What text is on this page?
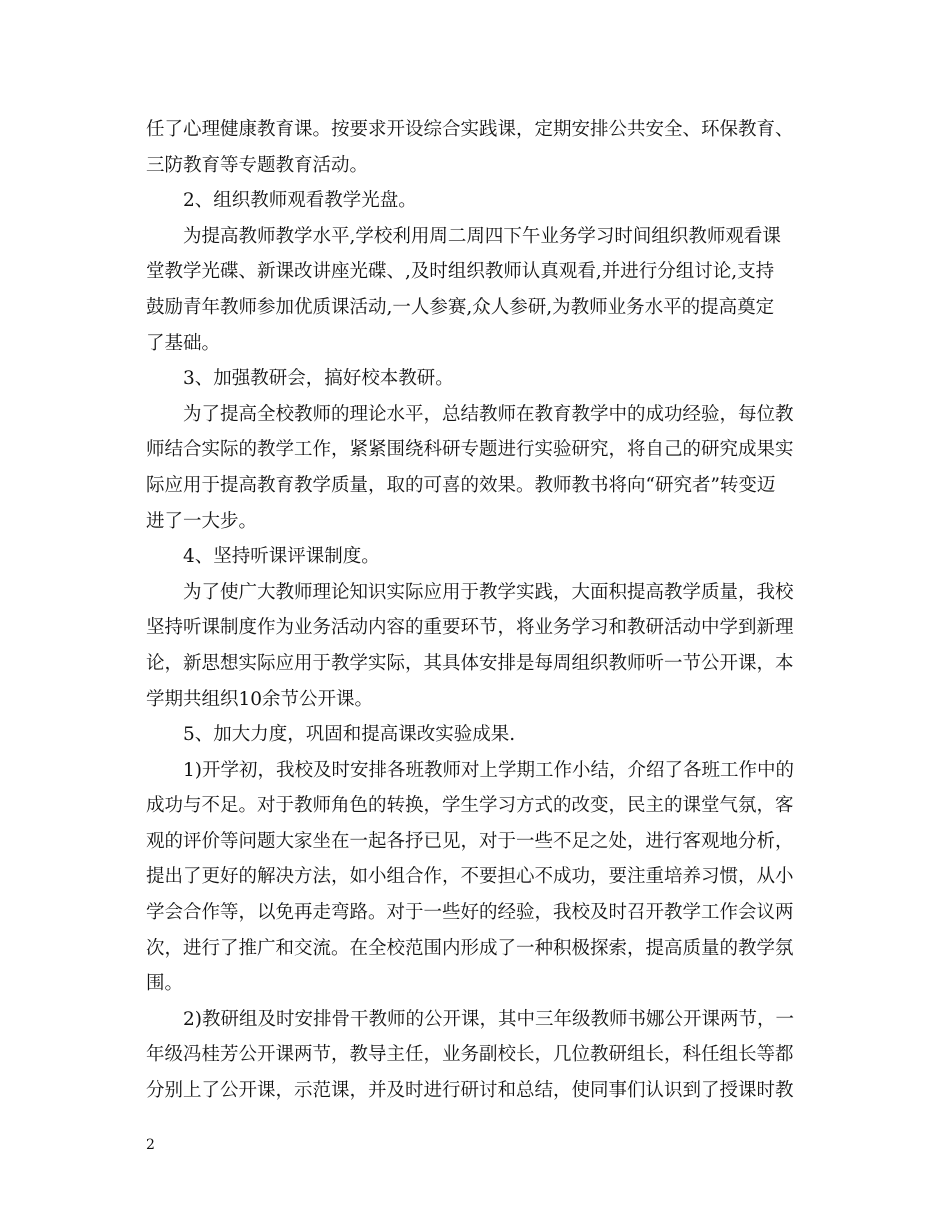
任了心理健康教育课。按要求开设综合实践课，定期安排公共安全、环保教育、
三防教育等专题教育活动。
2、组织教师观看教学光盘。
为提高教师教学水平,学校利用周二周四下午业务学习时间组织教师观看课
堂教学光碟、新课改讲座光碟、,及时组织教师认真观看,并进行分组讨论,支持
鼓励青年教师参加优质课活动,一人参赛,众人参研,为教师业务水平的提高奠定
了基础。
3、加强教研会，搞好校本教研。
为了提高全校教师的理论水平，总结教师在教育教学中的成功经验，每位教
师结合实际的教学工作，紧紧围绕科研专题进行实验研究，将自己的研究成果实
际应用于提高教育教学质量，取的可喜的效果。教师教书将向“研究者”转变迈
进了一大步。
4、坚持听课评课制度。
为了使广大教师理论知识实际应用于教学实践，大面积提高教学质量，我校
坚持听课制度作为业务活动内容的重要环节，将业务学习和教研活动中学到新理
论，新思想实际应用于教学实际，其具体安排是每周组织教师听一节公开课，本
学期共组织10余节公开课。
5、加大力度，巩固和提高课改实验成果.
1)开学初，我校及时安排各班教师对上学期工作小结，介绍了各班工作中的
成功与不足。对于教师角色的转换，学生学习方式的改变，民主的课堂气氛，客
观的评价等问题大家坐在一起各抒已见，对于一些不足之处，进行客观地分析，
提出了更好的解决方法，如小组合作，不要担心不成功，要注重培养习惯，从小
学会合作等，以免再走弯路。对于一些好的经验，我校及时召开教学工作会议两
次，进行了推广和交流。在全校范围内形成了一种积极探索，提高质量的教学氛
围。
2)教研组及时安排骨干教师的公开课，其中三年级教师书娜公开课两节，一
年级冯桂芳公开课两节，教导主任，业务副校长，几位教研组长，科任组长等都
分别上了公开课，示范课，并及时进行研讨和总结，使同事们认识到了授课时教
2
